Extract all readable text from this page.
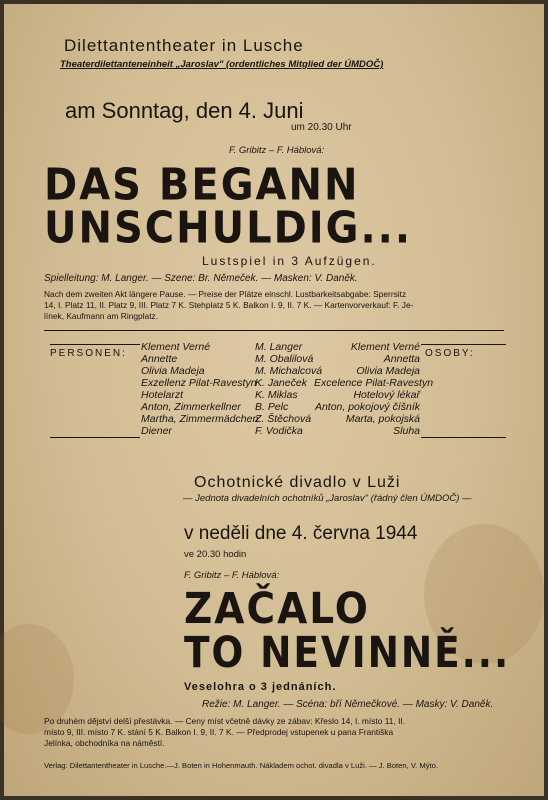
Dilettantentheater in Lusche

Theaterdilettanteneinheit „Jaroslav" (ordentliches Mitglied der ÚMDOČ)

am Sonntag, den 4. Juni

um 20.30 Uhr

F. Gribitz – F. Háblová:

DAS BEGANN

UNSCHULDIG...

Lustspiel in 3 Aufzügen.

Spielleitung: M. Langer. — Szene: Br. Němeček. — Masken: V. Daněk.

Nach dem zweiten Akt längere Pause. — Preise der Plätze einschl. Lustbarkeitsabgabe: Sperrsitz

14, I. Platz 11, II. Platz 9, III. Platz 7 K. Stehplatz 5 K. Balkon I. 9, II. 7 K. — Kartenvorverkauf: F. Je-

línek, Kaufmann am Ringplatz.

PERSONEN:	OSOBY:

Klement Verné
Annette
Olivia Madeja
Exzellenz Pilat-Ravestyn
Hotelarzt
Anton, Zimmerkellner
Martha, Zimmermädchen
Diener
M. Langer
M. Obalilová
M. Michalcová
K. Janeček
K. Miklas
B. Pelc
Z. Štěchová
F. Vodička
Klement Verné
Annetta
Olivia Madeja
Excelence Pilat-Ravestyn
Hotelový lékař
Anton, pokojový číšník
Marta, pokojská
Sluha

Ochotnické divadlo v Luži

— Jednota divadelních ochotníků „Jaroslav" (řádný člen ÚMDOČ) —

v neděli dne 4. června 1944

ve 20.30 hodin

F. Gribitz – F. Háblová:

ZAČALO

TO NEVINNĚ...

Veselohra o 3 jednáních.

Režie: M. Langer. — Scéna: bří Němečkové. — Masky: V. Daněk.

Po druhém dějství delší přestávka. — Ceny míst včetně dávky ze zábav: Křeslo 14, I. místo 11, II.

místo 9, III. místo 7 K. stání 5 K. Balkon I. 9, II. 7 K. — Předprodej vstupenek u pana Františka

Jelínka, obchodníka na náměstí.

Verlag: Dilettantentheater in Lusche.—J. Boten in Hohenmauth. Nákladem ochot. divadla v Luži. — J. Boten, V. Mýto.
